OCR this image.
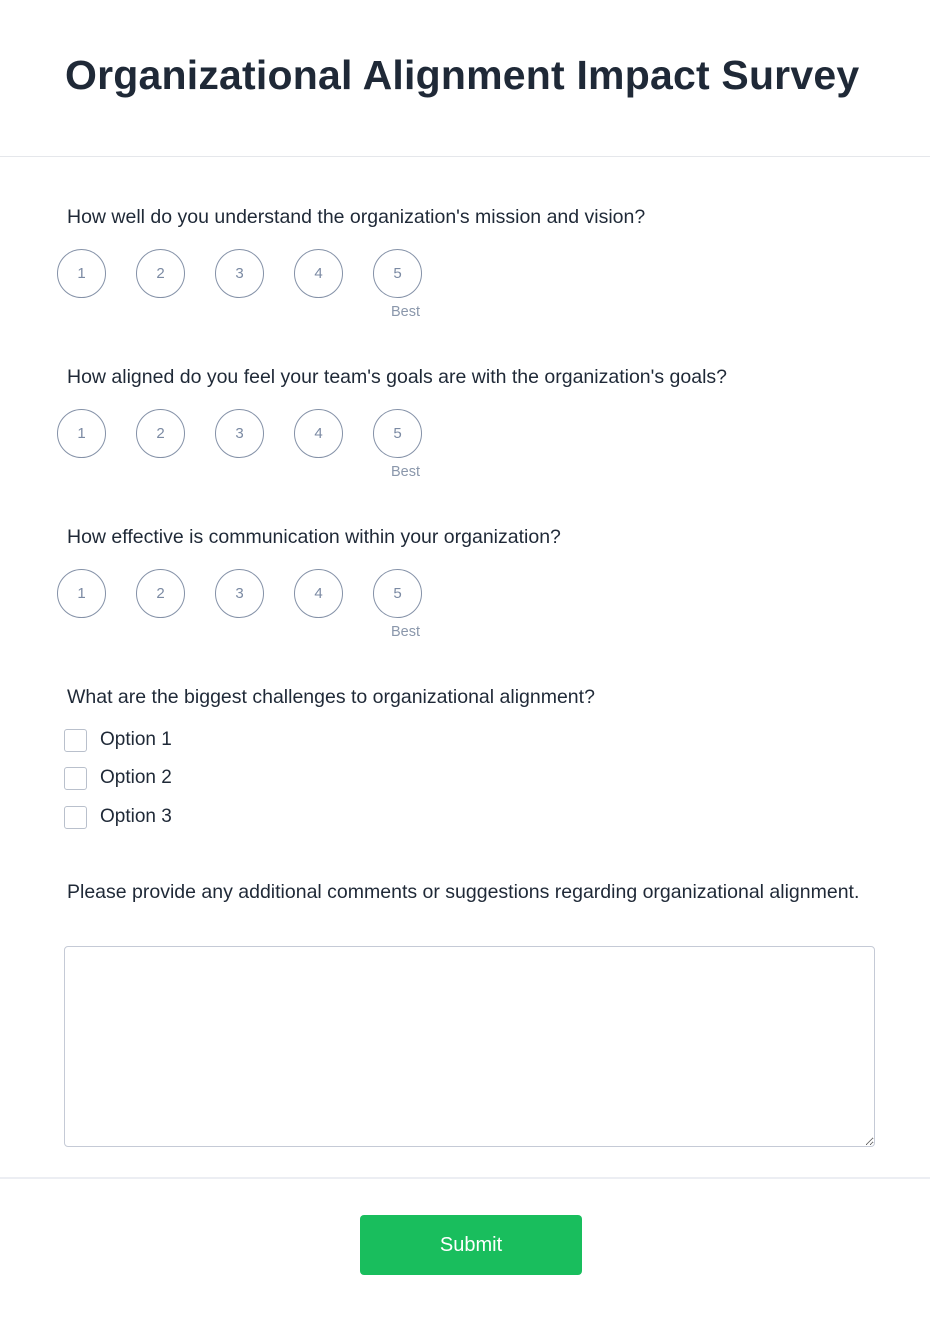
Organizational Alignment Impact Survey

How well do you understand the organization's mission and vision?

1	2	3	4	5
Best

How aligned do you feel your team's goals are with the organization's goals?

1	2	3	4	5
Best

How effective is communication within your organization?

1	2	3	4	5
Best

What are the biggest challenges to organizational alignment?

Option 1
Option 2
Option 3

Please provide any additional comments or suggestions regarding organizational alignment.

Submit
